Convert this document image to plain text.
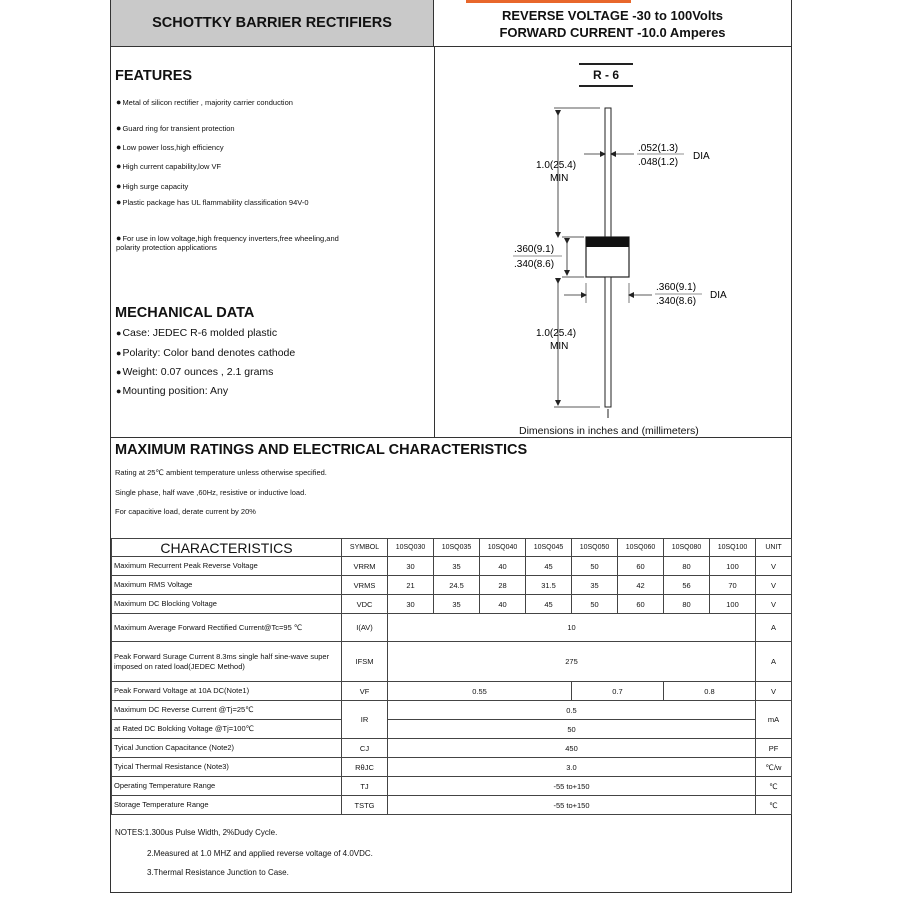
SCHOTTKY BARRIER RECTIFIERS	REVERSE VOLTAGE -30 to 100Volts
FORWARD CURRENT -10.0 Amperes
FEATURES
●Metal of silicon rectifier , majority carrier conduction
●Guard ring for transient protection
●Low power loss,high efficiency
●High current capability,low VF
●High surge capacity
●Plastic package has UL flammability classification 94V-0
●For use in low voltage,high frequency inverters,free wheeling,and polarity protection applications
MECHANICAL DATA
●Case: JEDEC R-6 molded plastic
●Polarity: Color band denotes cathode
●Weight: 0.07 ounces , 2.1 grams
●Mounting position: Any
R - 6
1.0(25.4)
MIN
.052(1.3)
.048(1.2)
DIA
.360(9.1)
.340(8.6)
.360(9.1)
.340(8.6)
DIA
1.0(25.4)
MIN
Dimensions in inches and (millimeters)
MAXIMUM RATINGS AND ELECTRICAL CHARACTERISTICS
Rating at 25℃ ambient temperature unless otherwise specified.
Single phase, half wave ,60Hz, resistive or inductive load.
For capacitive load, derate current by 20%
CHARACTERISTICS	SYMBOL	10SQ030	10SQ035	10SQ040	10SQ045	10SQ050	10SQ060	10SQ080	10SQ100	UNIT
Maximum Recurrent Peak Reverse Voltage	VRRM	30	35	40	45	50	60	80	100	V
Maximum RMS Voltage	VRMS	21	24.5	28	31.5	35	42	56	70	V
Maximum DC Blocking Voltage	VDC	30	35	40	45	50	60	80	100	V
Maximum Average Forward Rectified Current@Tc=95 ℃	I(AV)	10								A
Peak Forward Surage Current 8.3ms single half sine-wave super imposed on rated load(JEDEC Method)	IFSM	275								A
Peak Forward Voltage at 10A DC(Note1)	VF	0.55				0.7		0.8		V
Maximum DC Reverse Current @Tj=25℃	IR	0.5								mA
at Rated DC Bolcking Voltage @Tj=100℃		50								
Tyical Junction Capacitance (Note2)	CJ	450								PF
Tyical Thermal Resistance (Note3)	RθJC	3.0								℃/w
Operating Temperature Range	TJ	-55 to+150								℃
Storage Temperature Range	TSTG	-55 to+150								℃
NOTES:1.300us Pulse Width, 2%Dudy Cycle.
2.Measured at 1.0 MHZ and applied reverse voltage of 4.0VDC.
3.Thermal Resistance Junction to Case.
